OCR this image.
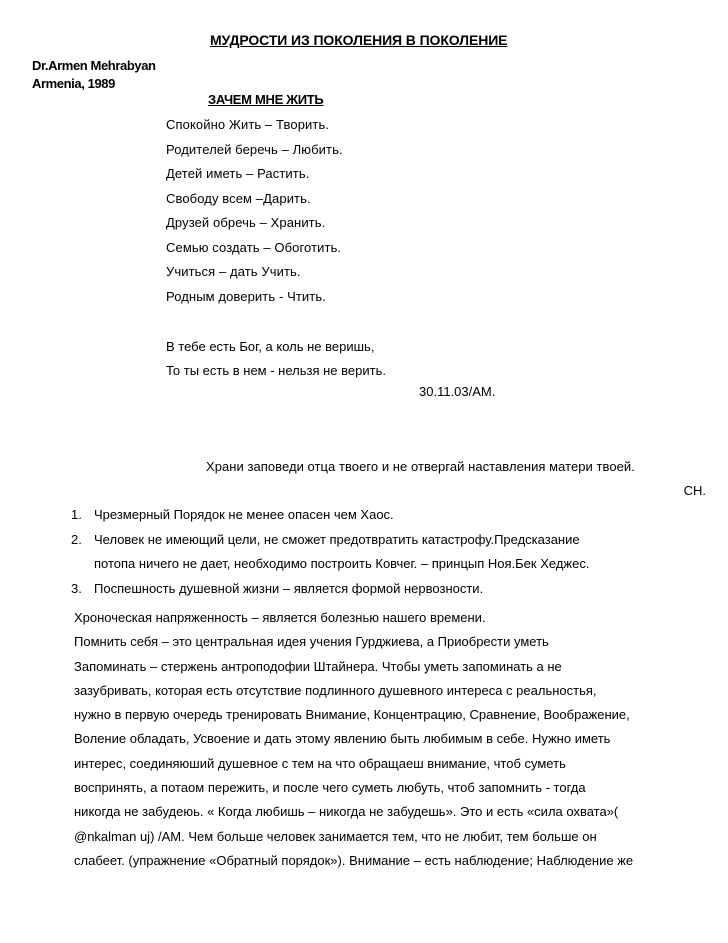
МУДРОСТИ ИЗ ПОКОЛЕНИЯ В ПОКОЛЕНИЕ
Dr.Armen Mehrabyan
Armenia, 1989
ЗАЧЕМ МНЕ ЖИТЬ
Спокойно Жить – Творить.
Родителей беречь – Любить.
Детей иметь – Растить.
Свободу всем –Дарить.
Друзей обречь – Хранить.
Семью создать – Обоготить.
Учиться – дать Учить.
Родным доверить - Чтить.
В тебе есть Бог, а коль не веришь,
То ты есть в нем - нельзя не верить.
30.11.03/AM.
Храни заповеди отца твоего и не отвергай наставления матери твоей.
СН.
1. Чрезмерный Порядок не менее опасен чем Хаос.
2. Человек не имеющий цели, не сможет предотвратить катастрофу.Предсказание
потопа ничего не дает, необходимо построить Ковчег. – принцып Ноя.Бек Хеджес.
3. Поспешность душевной жизни – является формой нервозности.
Хроноческая напряженность – является болезнью нашего времени.
Помнить себя – это центральная идея учения Гурджиева, а Приобрести уметь
Запоминать – стержень антроподофии Штайнера. Чтобы уметь запоминать а не
зазубривать, которая есть отсутствие подлинного душевного интереса с реальностья,
нужно в первую очередь тренировать Внимание, Концентрацию, Сравнение, Воображение,
Воление обладать, Усвоение и дать этому явлению быть любимым в себе. Нужно иметь
интерес, соединяюший душевное с тем на что обращаеш внимание, чтоб суметь
воспринять, а потаом пережить, и после чего суметь любуть, чтоб запомнить - тогда
никогда не забудеюь. « Когда любишь – никогда не забудешь». Это и есть «сила охвата»(
@nkalman uj) /AM. Чем больше человек занимается тем, что не любит, тем больше он
слабеет. (упражнение «Обратный порядок»). Внимание – есть наблюдение; Наблюдение же
